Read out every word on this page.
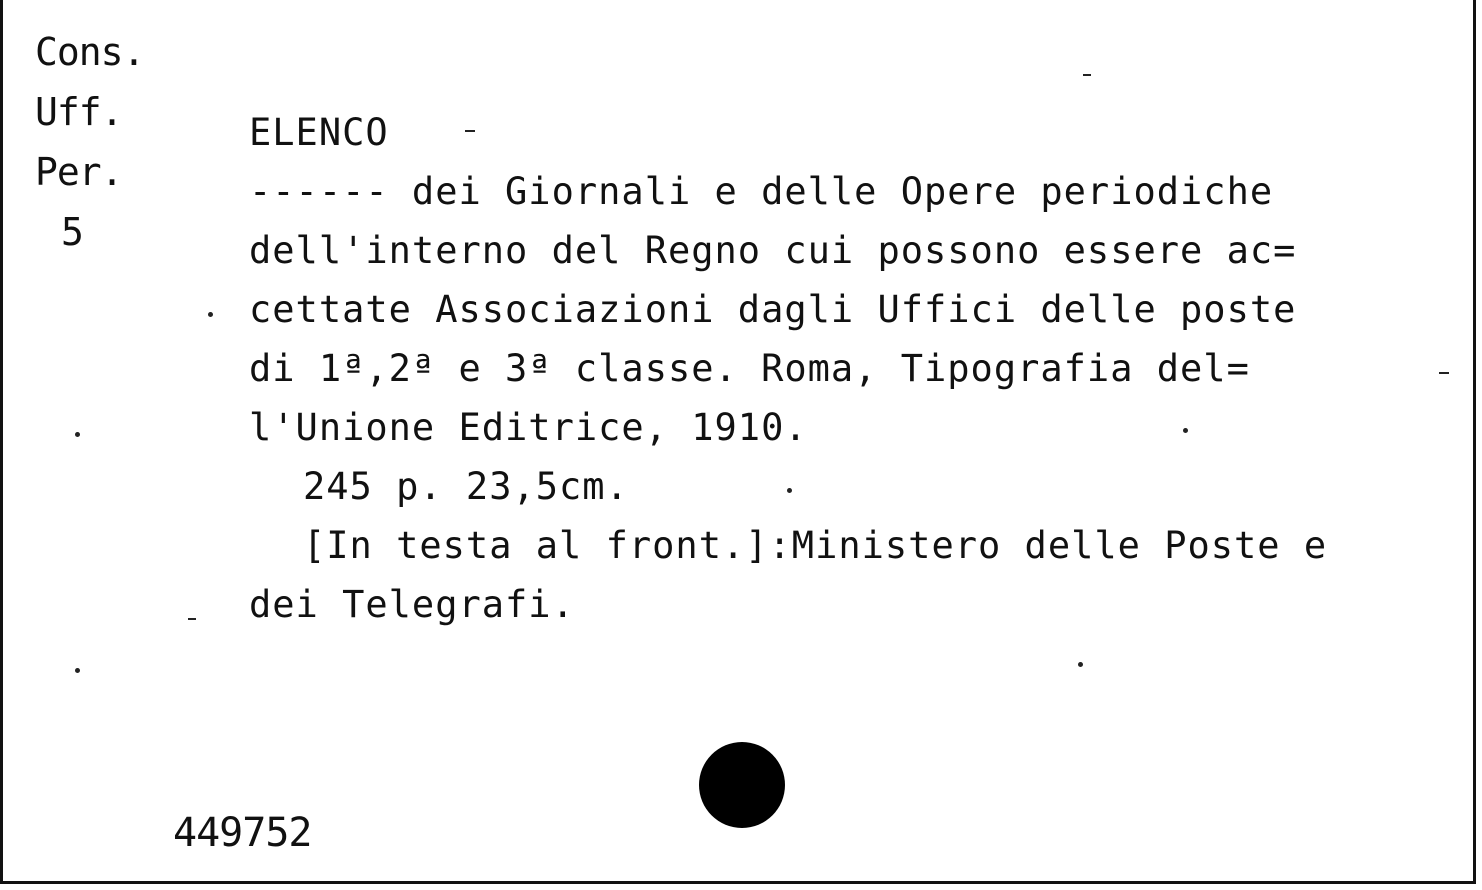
Cons.
Uff.
Per.
5
ELENCO
------ dei Giornali e delle Opere periodiche
dell'interno del Regno cui possono essere ac=
cettate Associazioni dagli Uffici delle poste
di 1ª,2ª e 3ª classe. Roma, Tipografia del=
l'Unione Editrice, 1910.
245 p. 23,5cm.
[In testa al front.]:Ministero delle Poste e
dei Telegrafi.
449752
